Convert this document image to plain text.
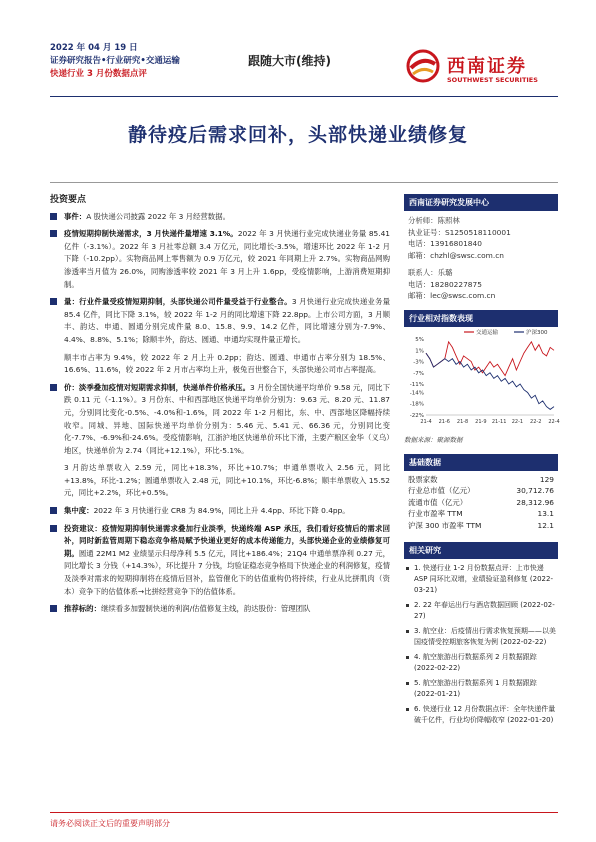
2022 年 04 月 19 日
证券研究报告•行业研究•交通运输
快递行业 3 月份数据点评
跟随大市(维持)	西南证券
SOUTHWEST SECURITIES
静待疫后需求回补，头部快递业绩修复
投资要点
事件：A 股快递公司披露 2022 年 3 月经营数据。
疫情短期抑制快递需求，3 月快递件量增速 3.1%。2022 年 3 月快递行业完成快递业务量 85.41 亿件（-3.1%）。2022 年 3 月社零总额 3.4 万亿元，同比增长-3.5%，增速环比 2022 年 1-2 月下降（-10.2pp）。实物商品网上零售额为 0.9 万亿元，较 2021 年同期上升 2.7%。实物商品网购渗透率当月值为 26.0%，同购渗透率较 2021 年 3 月上升 1.6pp，受疫情影响，上游消费短期抑制。
量：行业件量受疫情短期抑制，头部快递公司件量受益于行业整合。3 月快递行业完成快递业务量 85.4 亿件，同比下降 3.1%，较 2022 年 1-2 月的同比增速下降 22.8pp。上市公司方面，3 月顺丰、韵达、申通、圆通分别完成件量 8.0、15.8、9.9、14.2 亿件，同比增速分别为-7.9%、4.4%、8.8%、5.1%；除顺丰外，韵达、圆通、申通均实现件量正增长。
顺丰市占率为 9.4%，较 2022 年 2 月上升 0.2pp；韵达、圆通、申通市占率分别为 18.5%、16.6%、11.6%，较 2022 年 2 月市占率均上升，极兔百世整合下，头部快递公司市占率提高。
价：淡季叠加疫情对短期需求抑制，快递单件价格承压。3 月份全国快递平均单价 9.58 元，同比下跌 0.11 元（-1.1%）。3 月份东、中和西部地区快递平均单价分别为：9.63 元、8.20 元、11.87 元，分别同比变化-0.5%、-4.0%和-1.6%，同 2022 年 1-2 月相比，东、中、西部地区降幅持续收窄。同城、异地、国际快递平均单价分别为：5.46 元、5.41 元、66.36 元，分别同比变化-7.7%、-6.9%和-24.6%。受疫情影响，江浙沪地区快递单价环比下滑，主要产粮区金华（义乌）地区，快递单价为 2.74（同比+12.1%），环比-5.1%。
3 月韵达单票收入 2.59 元，同比+18.3%，环比+10.7%；申通单票收入 2.56 元，同比+13.8%，环比-1.2%；圆通单票收入 2.48 元，同比+10.1%，环比-6.8%；顺丰单票收入 15.52 元，同比+2.2%，环比+0.5%。
集中度：2022 年 3 月快递行业 CR8 为 84.9%，同比上升 4.4pp、环比下降 0.4pp。
投资建议：疫情短期抑制快递需求叠加行业淡季，快递终端 ASP 承压，我们看好疫情后的需求回补，同时新监管周期下稳态竞争格局赋予快递业更好的成本传递能力，头部快递企业的业绩修复可期。圆通 22M1 M2 业绩显示归母净利 5.5 亿元，同比+186.4%；21Q4 中通单票净利 0.27 元，同比增长 3 分钱（+14.3%），环比提升 7 分钱，均验证稳态竞争格局下快递企业的利润修复，疫情及淡季对需求的短期抑制将在疫情后回补，监管催化下的估值重构仍将持续，行业从比拼肌肉（资本）竞争下的估值体系→比拼经营竞争下的估值体系。
推荐标的：继续看多加盟制快递的利润/估值修复主线，韵达股份：管理团队
西南证券研究发展中心
分析师：陈照林
执业证号：S1250518110001
电话：13916801840
邮箱：chzhl@swsc.com.cn
联系人：乐璐
电话：18280227875
邮箱：lec@swsc.com.cn
行业相对指数表现
5%
1%
-3%
-7%
-11%
-14%
-18%
-22%
21-4 21-6 21-8 21-9 21-11 22-1 22-2 22-4
交通运输	沪深300
数据来源：聚源数据
基础数据
股票家数	129
行业总市值（亿元）	30,712.76
流通市值（亿元）	28,312.96
行业市盈率 TTM	13.1
沪深 300 市盈率 TTM	12.1
相关研究
1. 快递行业 1-2 月份数据点评：上市快递 ASP 同环比双增，业绩验证盈利修复 (2022-03-21)
2. 22 年春运出行与酒店数据回顾 (2022-02-27)
3. 航空业：后疫情出行需求恢复预期——以美国疫情受控期旅客恢复为例 (2022-02-22)
4. 航空旅游出行数据系列 2 月数据跟踪 (2022-02-22)
5. 航空旅游出行数据系列 1 月数据跟踪 (2022-01-21)
6. 快递行业 12 月份数据点评：全年快递件量破千亿件，行业均价降幅收窄 (2022-01-20)
请务必阅读正文后的重要声明部分
